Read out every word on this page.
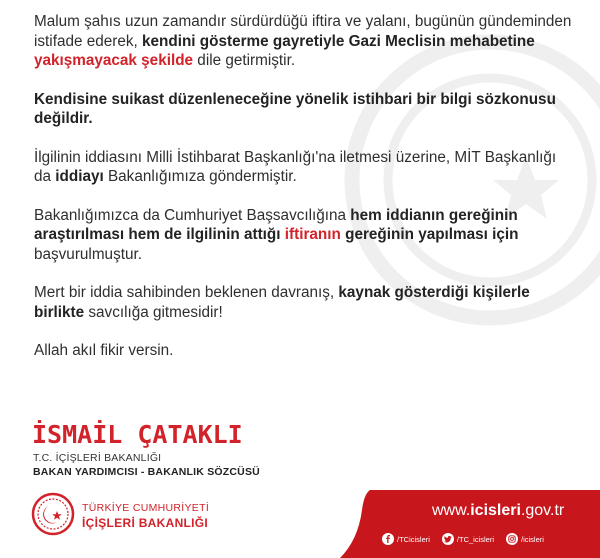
Malum şahıs uzun zamandır sürdürdüğü iftira ve yalanı, bugünün gündeminden istifade ederek, kendini gösterme gayretiyle Gazi Meclisin mehabetine yakışmayacak şekilde dile getirmiştir.

Kendisine suikast düzenleneceğine yönelik istihbari bir bilgi sözkonusu değildir.

İlgilinin iddiasını Milli İstihbarat Başkanlığı'na iletmesi üzerine, MİT Başkanlığı da iddiayı Bakanlığımıza göndermiştir.

Bakanlığımızca da Cumhuriyet Başsavcılığına hem iddianın gereğinin araştırılması hem de ilgilinin attığı iftiranın gereğinin yapılması için başvurulmuştur.

Mert bir iddia sahibinden beklenen davranış, kaynak gösterdiği kişilerle birlikte savcılığa gitmesidir!

Allah akıl fikir versin.

İSMAİL ÇATAKLI
T.C. İÇİŞLERİ BAKANLIĞI
BAKAN YARDIMCISI - BAKANLIK SÖZCÜSÜ
TÜRKİYE CUMHURİYETİ
İÇİŞLERİ BAKANLIĞI
www.icisleri.gov.tr
/TCicisleri	/TC_icisleri	/icisleri
